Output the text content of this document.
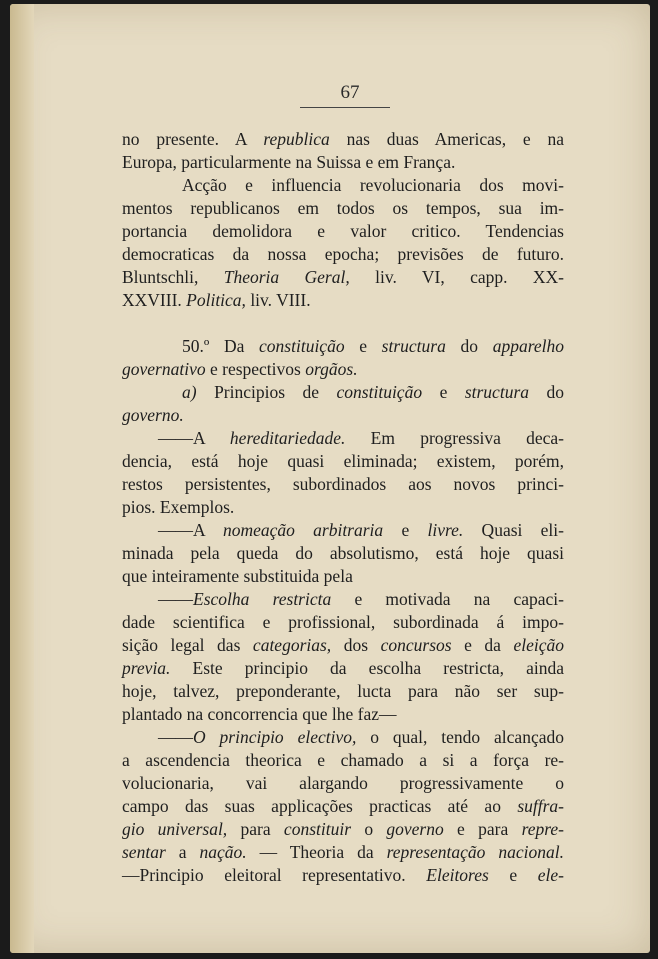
67
no presente. A republica nas duas Americas, e na
Europa, particularmente na Suissa e em França.
Acção e influencia revolucionaria dos movi-
mentos republicanos em todos os tempos, sua im-
portancia demolidora e valor critico. Tendencias
democraticas da nossa epocha; previsões de futuro.
Bluntschli, Theoria Geral, liv. VI, capp. XX-
XXVIII. Politica, liv. VIII.
50.º Da constituição e structura do apparelho
governativo e respectivos orgãos.
a) Principios de constituição e structura do
governo.
——A hereditariedade. Em progressiva deca-
dencia, está hoje quasi eliminada; existem, porém,
restos persistentes, subordinados aos novos princi-
pios. Exemplos.
——A nomeação arbitraria e livre. Quasi eli-
minada pela queda do absolutismo, está hoje quasi
que inteiramente substituida pela
——Escolha restricta e motivada na capaci-
dade scientifica e profissional, subordinada á impo-
sição legal das categorias, dos concursos e da eleição
previa. Este principio da escolha restricta, ainda
hoje, talvez, preponderante, lucta para não ser sup-
plantado na concorrencia que lhe faz—
——O principio electivo, o qual, tendo alcançado
a ascendencia theorica e chamado a si a força re-
volucionaria, vai alargando progressivamente o
campo das suas applicações practicas até ao suffra-
gio universal, para constituir o governo e para repre-
sentar a nação. — Theoria da representação nacional.
—Principio eleitoral representativo. Eleitores e ele-
